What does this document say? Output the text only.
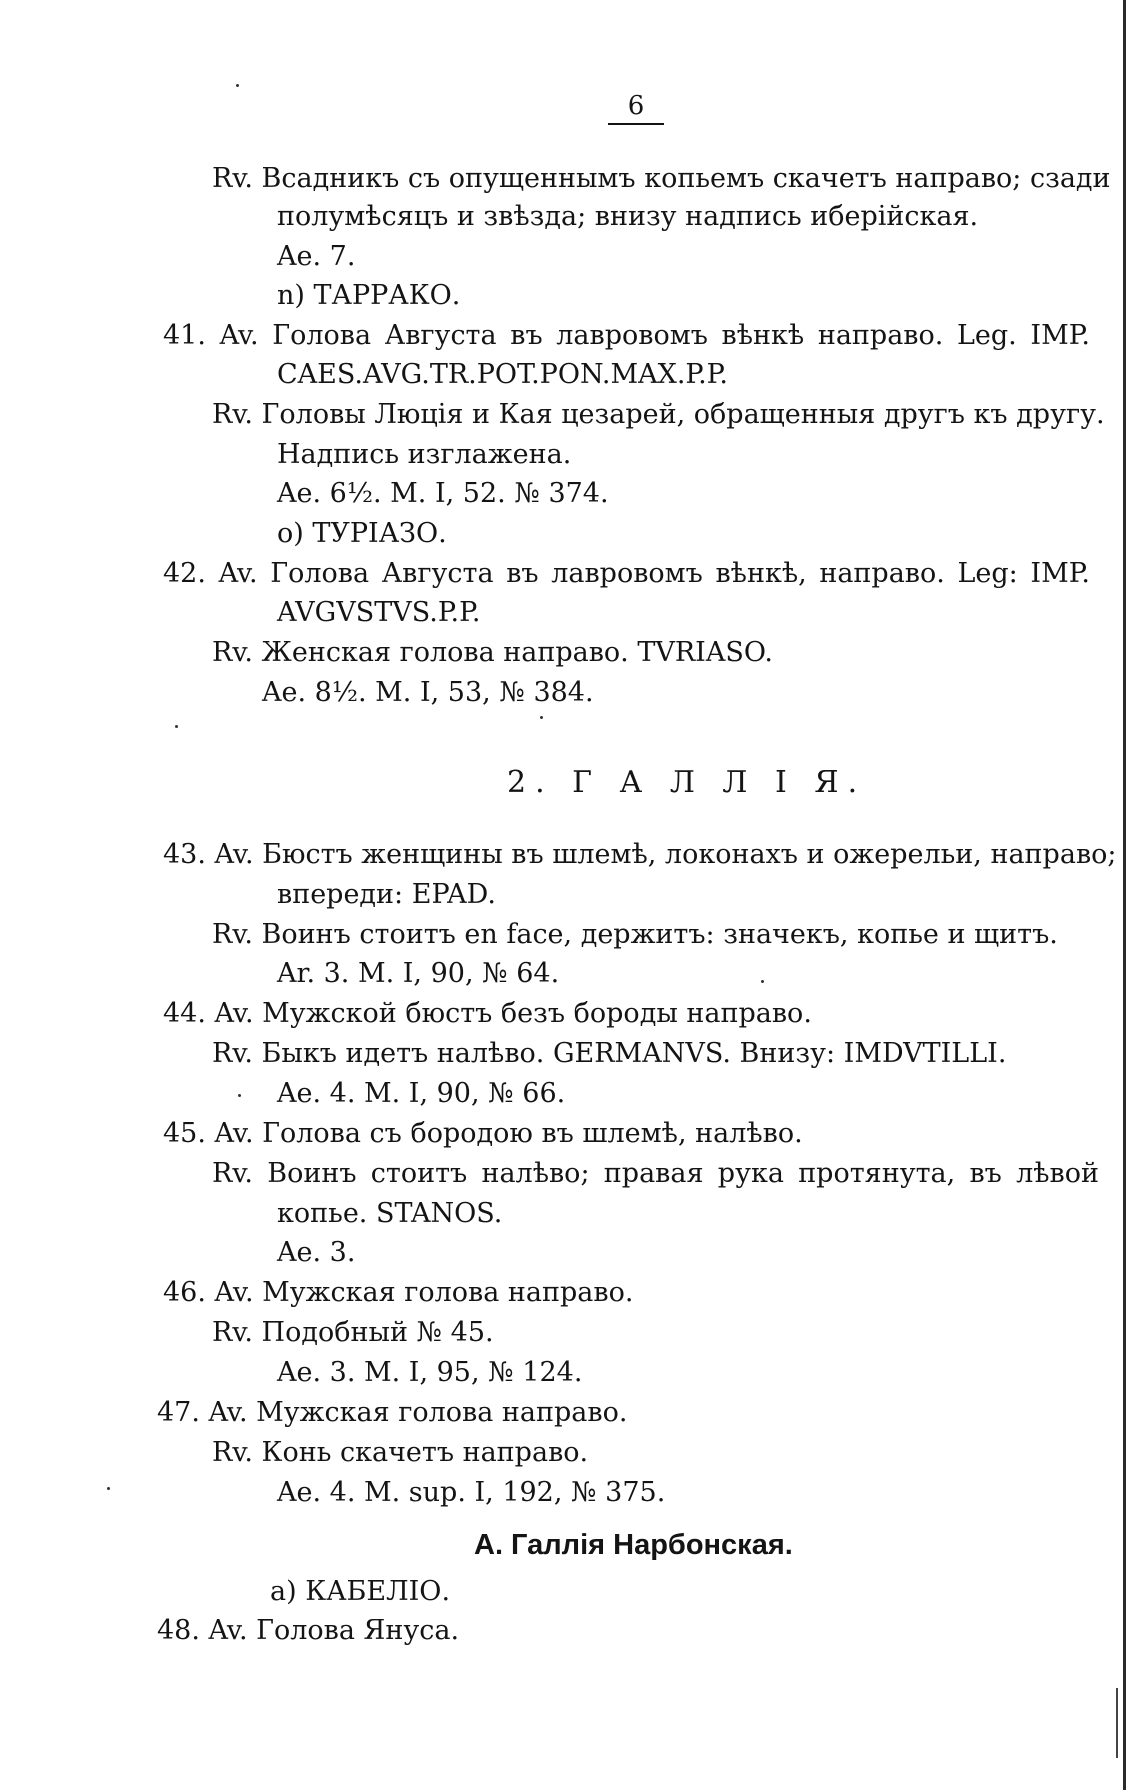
6
Rv. Всадникъ съ опущеннымъ копьемъ скачетъ направо; сзади
полумѣсяцъ и звѣзда; внизу надпись иберійская.
Ae. 7.
n) ТАРРАКО.
41. Av. Голова Августа въ лавровомъ вѣнкѣ направо. Leg. IMP.
CAES.AVG.TR.POT.PON.MAX.P.P.
Rv. Головы Люція и Кая цезарей, обращенныя другъ къ другу.
Надпись изглажена.
Ae. 6½. M. I, 52. № 374.
o) ТУРІАЗО.
42. Av. Голова Августа въ лавровомъ вѣнкѣ, направо. Leg: IMP.
AVGVSTVS.P.P.
Rv. Женская голова направо. TVRIASO.
Ae. 8½. M. I, 53, № 384.
2. Г А Л Л І Я.
43. Av. Бюстъ женщины въ шлемѣ, локонахъ и ожерельи, направо;
впереди: EPAD.
Rv. Воинъ стоитъ en face, держитъ: значекъ, копье и щитъ.
Ar. 3. M. I, 90, № 64.
44. Av. Мужской бюстъ безъ бороды направо.
Rv. Быкъ идетъ налѣво. GERMANVS. Внизу: IMDVTILLI.
Ae. 4. M. I, 90, № 66.
45. Av. Голова съ бородою въ шлемѣ, налѣво.
Rv. Воинъ стоитъ налѣво; правая рука протянута, въ лѣвой
копье. STANOS.
Ae. 3.
46. Av. Мужская голова направо.
Rv. Подобный № 45.
Ae. 3. M. I, 95, № 124.
47. Av. Мужская голова направо.
Rv. Конь скачетъ направо.
Ae. 4. M. sup. I, 192, № 375.
A. Галлія Нарбонская.
a) КАБЕЛІО.
48. Av. Голова Януса.
